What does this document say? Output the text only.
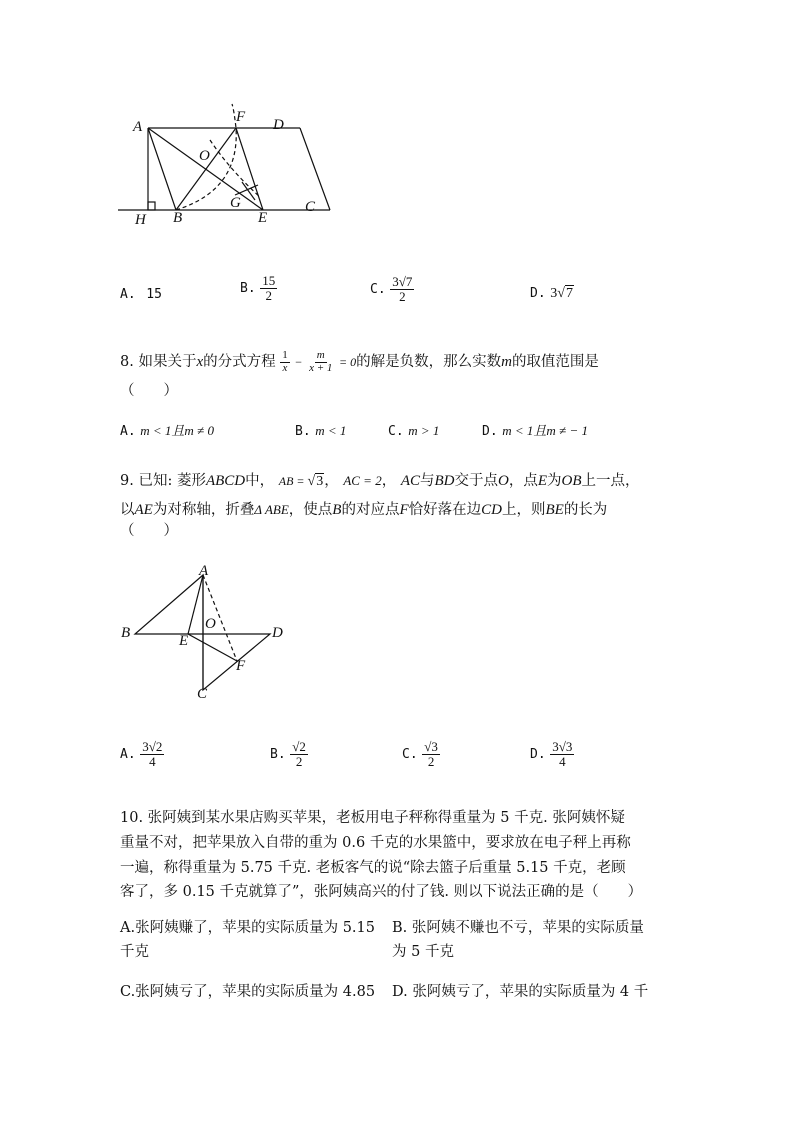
A
F D
O
G
H B	E
C
A. 15	B. $\frac{15}{2}$	C. $\frac{3√7}{2}$	D. 3√7
8. 如果关于x的分式方程 $\frac{1}{x} - \frac{m}{x + 1} = 0$的解是负数，那么实数m的取值范围是
（　　）
A. m < 1且m ≠ 0	B. m < 1	C. m > 1	D. m < 1且m ≠ − 1
9. 已知: 菱形ABCD中， AB = √3， AC = 2， AC与BD交于点O，点E为OB上一点，
以AE为对称轴，折叠Δ ABE，使点B的对应点F恰好落在边CD上，则BE的长为
（　　）
A
B
O
D
E
F
C
A. $\frac{3√2}{4}$	B. $\frac{√2}{2}$	C. $\frac{√3}{2}$	D. $\frac{3√3}{4}$
10. 张阿姨到某水果店购买苹果，老板用电子秤称得重量为 5 千克. 张阿姨怀疑
重量不对，把苹果放入自带的重为 0.6 千克的水果篮中，要求放在电子秤上再称
一遍，称得重量为 5.75 千克. 老板客气的说“除去篮子后重量 5.15 千克，老顾
客了，多 0.15 千克就算了”，张阿姨高兴的付了钱. 则以下说法正确的是（　　）
A.张阿姨赚了，苹果的实际质量为 5.15
千克
B. 张阿姨不赚也不亏，苹果的实际质量
为 5 千克
C.张阿姨亏了，苹果的实际质量为 4.85 D. 张阿姨亏了，苹果的实际质量为 4 千
